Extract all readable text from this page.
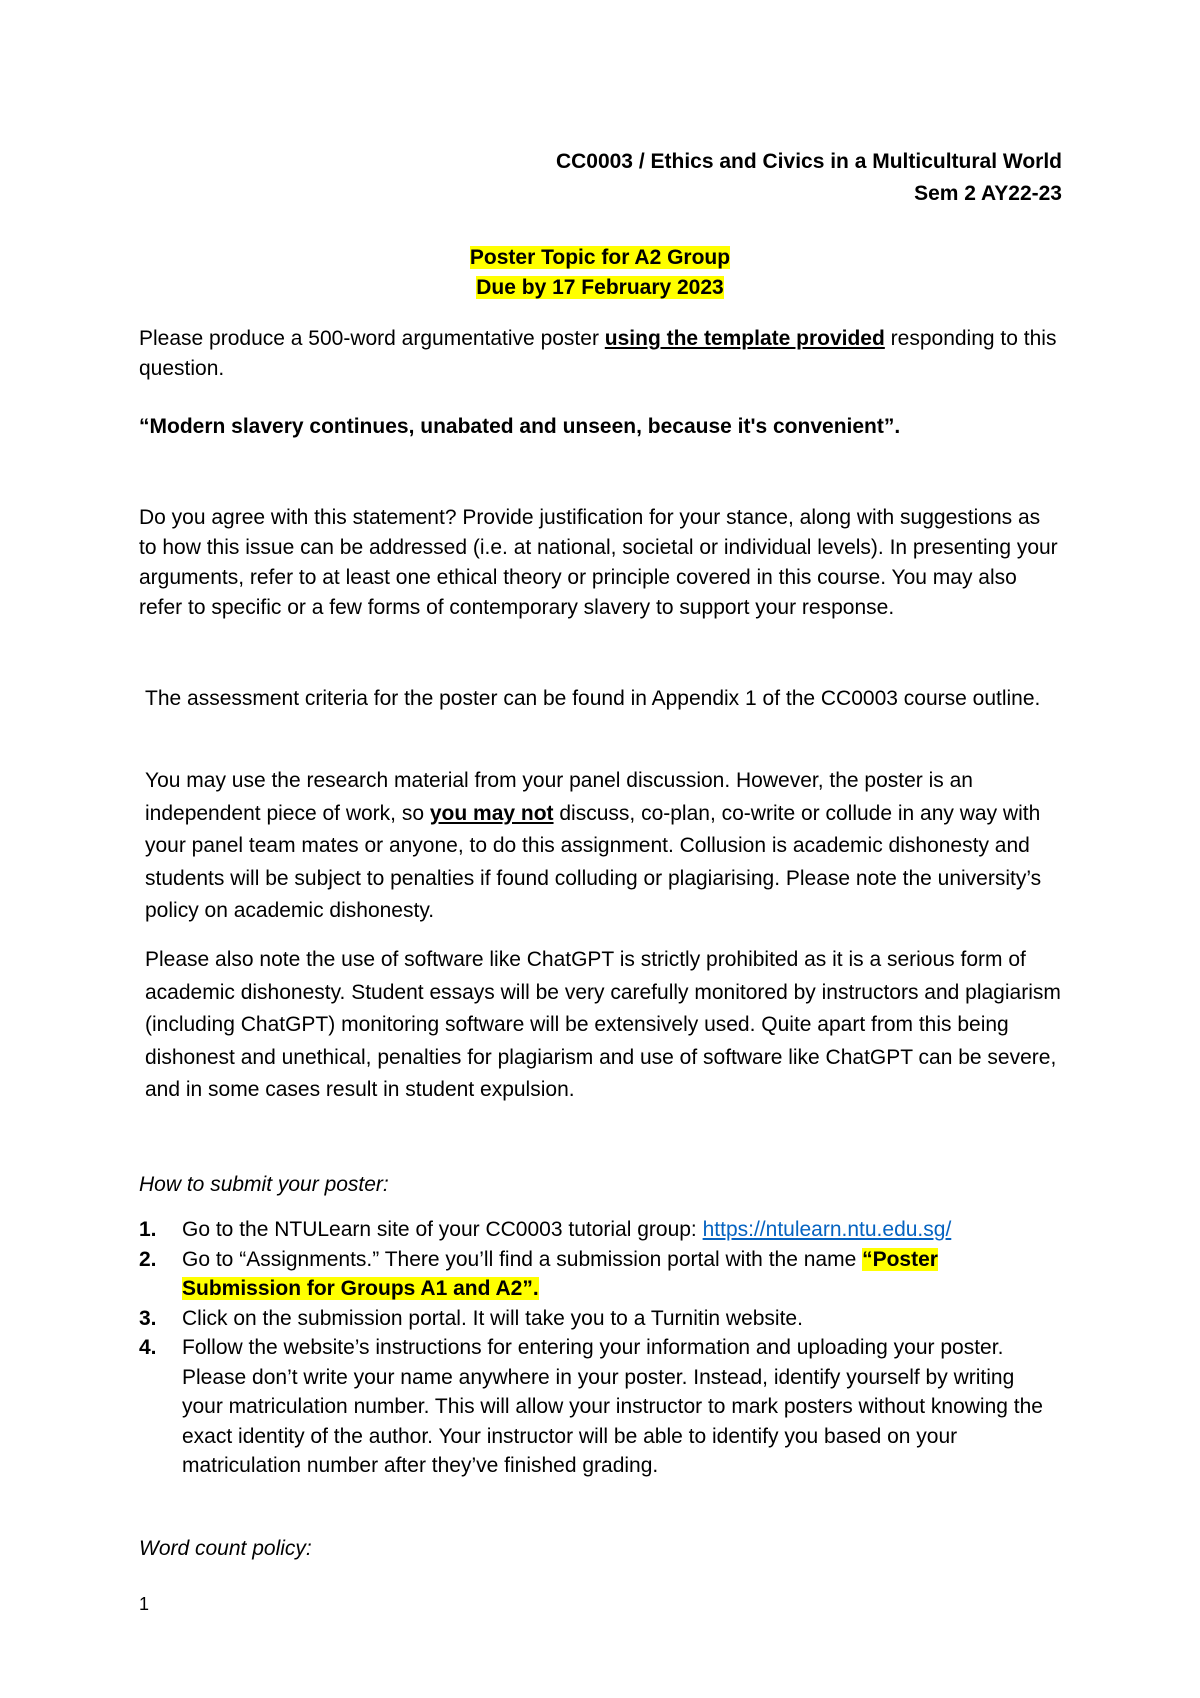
CC0003 / Ethics and Civics in a Multicultural World
Sem 2 AY22-23
Poster Topic for A2 Group
Due by 17 February 2023
Please produce a 500-word argumentative poster using the template provided responding to this question.
“Modern slavery continues, unabated and unseen, because it's convenient”.
Do you agree with this statement? Provide justification for your stance, along with suggestions as to how this issue can be addressed (i.e. at national, societal or individual levels). In presenting your arguments, refer to at least one ethical theory or principle covered in this course. You may also refer to specific or a few forms of contemporary slavery to support your response.
The assessment criteria for the poster can be found in Appendix 1 of the CC0003 course outline.
You may use the research material from your panel discussion. However, the poster is an independent piece of work, so you may not discuss, co-plan, co-write or collude in any way with your panel team mates or anyone, to do this assignment. Collusion is academic dishonesty and students will be subject to penalties if found colluding or plagiarising. Please note the university’s policy on academic dishonesty.
Please also note the use of software like ChatGPT is strictly prohibited as it is a serious form of academic dishonesty. Student essays will be very carefully monitored by instructors and plagiarism (including ChatGPT) monitoring software will be extensively used. Quite apart from this being dishonest and unethical, penalties for plagiarism and use of software like ChatGPT can be severe, and in some cases result in student expulsion.
How to submit your poster:
1. Go to the NTULearn site of your CC0003 tutorial group: https://ntulearn.ntu.edu.sg/
2. Go to “Assignments.” There you’ll find a submission portal with the name “Poster Submission for Groups A1 and A2”.
3. Click on the submission portal. It will take you to a Turnitin website.
4. Follow the website’s instructions for entering your information and uploading your poster. Please don’t write your name anywhere in your poster. Instead, identify yourself by writing your matriculation number. This will allow your instructor to mark posters without knowing the exact identity of the author. Your instructor will be able to identify you based on your matriculation number after they’ve finished grading.
Word count policy:
1
